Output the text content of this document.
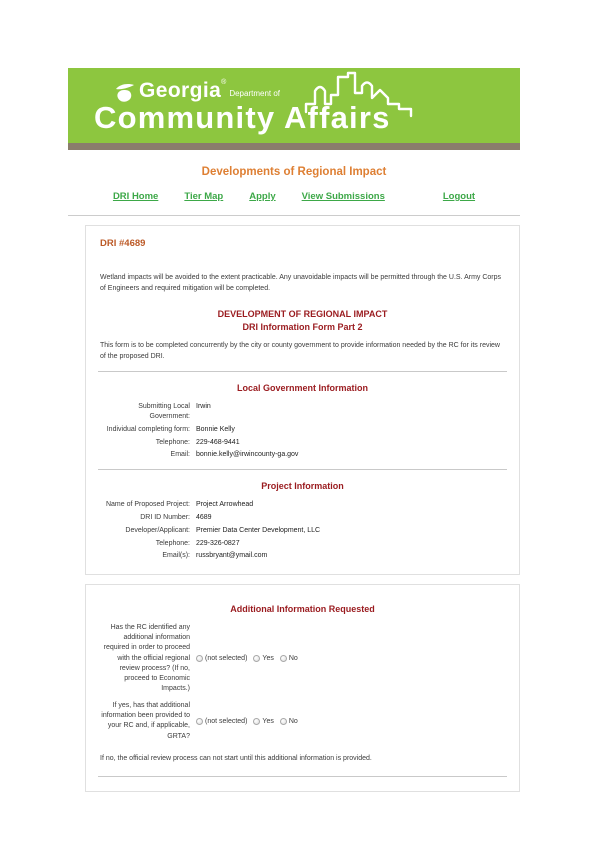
Georgia ®
Department of
Community Affairs
Developments of Regional Impact
DRI Home	Tier Map	Apply	View Submissions	Logout
DRI #4689

Wetland impacts will be avoided to the extent practicable. Any unavoidable impacts will be permitted through the U.S. Army Corps of Engineers and required mitigation will be completed.

DEVELOPMENT OF REGIONAL IMPACT
DRI Information Form Part 2

This form is to be completed concurrently by the city or county government to provide information needed by the RC for its review of the proposed DRI.

Local Government Information
Submitting Local Government:
Irwin
Individual completing form: Bonnie Kelly
Telephone: 229-468-9441
Email: bonnie.kelly@irwincounty-ga.gov
Project Information
Name of Proposed Project: Project Arrowhead
DRI ID Number: 4689
Developer/Applicant: Premier Data Center Development, LLC
Telephone: 229-326-0827
Email(s): russbryant@ymail.com
Additional Information Requested
Has the RC identified any additional information required in order to proceed with the official regional review process? (If no, proceed to Economic Impacts.)
(not selected) Yes No
If yes, has that additional information been provided to your RC and, if applicable, GRTA?
(not selected) Yes No

If no, the official review process can not start until this additional information is provided.
